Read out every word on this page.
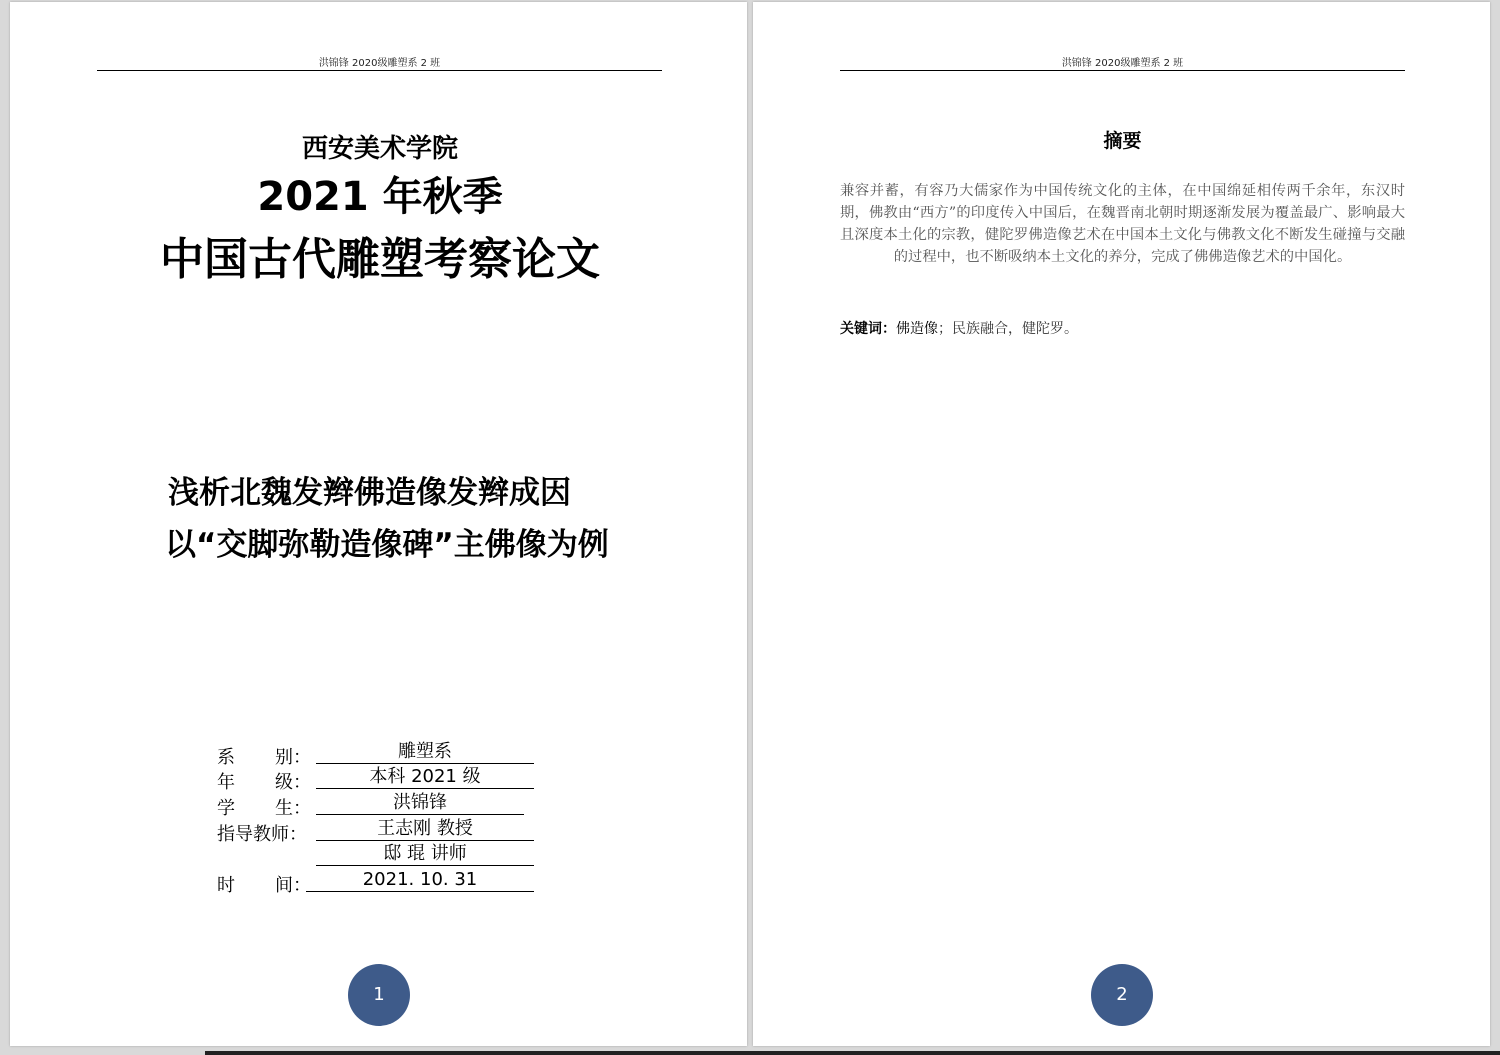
洪锦锋 2020级雕塑系 2 班
西安美术学院
2021 年秋季
中国古代雕塑考察论文
浅析北魏发辫佛造像发辫成因
以“交脚弥勒造像碑”主佛像为例
系 别：	雕塑系
年 级：	本科 2021 级
学 生：	洪锦锋
指导教师：	王志刚 教授
邸 琨 讲师
时 间：	2021. 10. 31
1
洪锦锋 2020级雕塑系 2 班
摘要
兼容并蓄，有容乃大儒家作为中国传统文化的主体，在中国绵延相传两千余年，东汉时期，佛教由“西方”的印度传入中国后，在魏晋南北朝时期逐渐发展为覆盖最广、影响最大且深度本土化的宗教，健陀罗佛造像艺术在中国本土文化与佛教文化不断发生碰撞与交融的过程中，也不断吸纳本土文化的养分，完成了佛佛造像艺术的中国化。
关键词：佛造像；民族融合，健陀罗。
2
